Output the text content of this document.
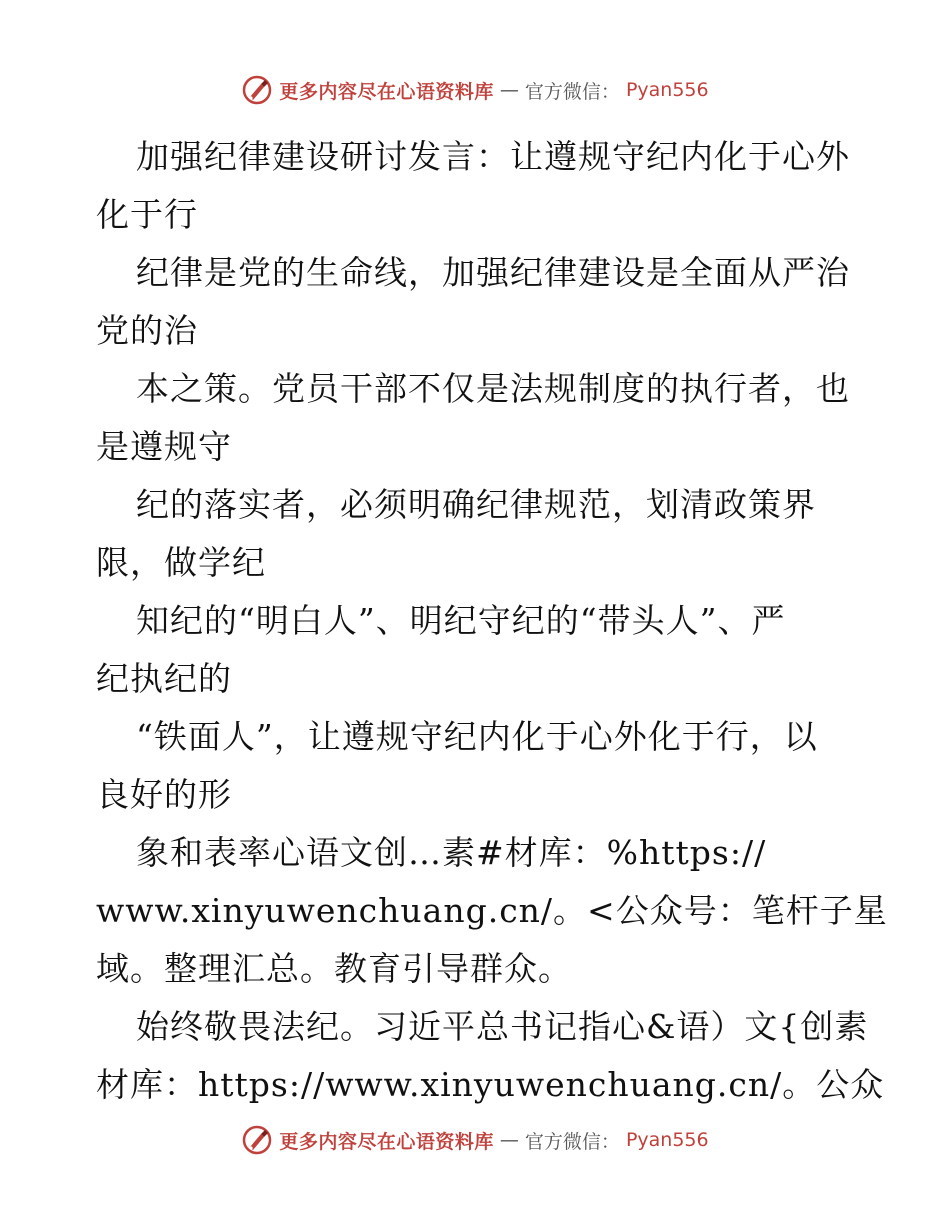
更多内容尽在心语资料库 — 官方微信： Pyan556
加强纪律建设研讨发言：让遵规守纪内化于心外
化于行
纪律是党的生命线，加强纪律建设是全面从严治
党的治
本之策。党员干部不仅是法规制度的执行者，也
是遵规守
纪的落实者，必须明确纪律规范，划清政策界
限，做学纪
知纪的“明白人”、明纪守纪的“带头人”、严
纪执纪的
“铁面人”，让遵规守纪内化于心外化于行，以
良好的形
象和表率心语文创…素#材库：%https://
www.xinyuwenchuang.cn/。<公众号：笔杆子星
域。整理汇总。教育引导群众。
始终敬畏法纪。习近平总书记指心&语）文{创素
材库：https://www.xinyuwenchuang.cn/。公众
更多内容尽在心语资料库 — 官方微信： Pyan556
